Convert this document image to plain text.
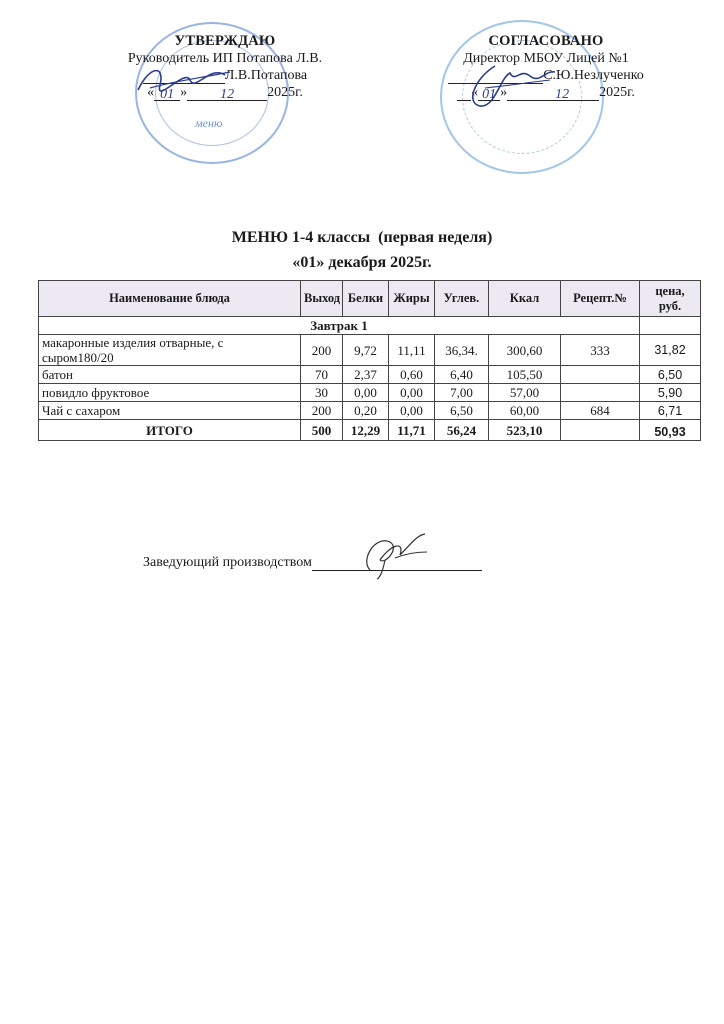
меню
УТВЕРЖДАЮ
Руководитель ИП Потапова Л.В.
Л.В.Потапова
« 01 » 12 2025г.
СОГЛАСОВАНО
Директор МБОУ Лицей №1
С.Ю.Незлученко
« 01 »	12 2025г.
МЕНЮ 1-4 классы  (первая неделя)
«01» декабря 2025г.
Наименование блюда	Выход	Белки	Жиры	Углев.	Ккал	Рецепт.№	цена, руб.
Завтрак 1							
макаронные изделия отварные, с сыром180/20	200	9,72	11,11	36,34.	300,60	333	31,82
батон	70	2,37	0,60	6,40	105,50		6,50
повидло фруктовое	30	0,00	0,00	7,00	57,00		5,90
Чай с сахаром	200	0,20	0,00	6,50	60,00	684	6,71
ИТОГО	500	12,29	11,71	56,24	523,10		50,93
Заведующий производством
